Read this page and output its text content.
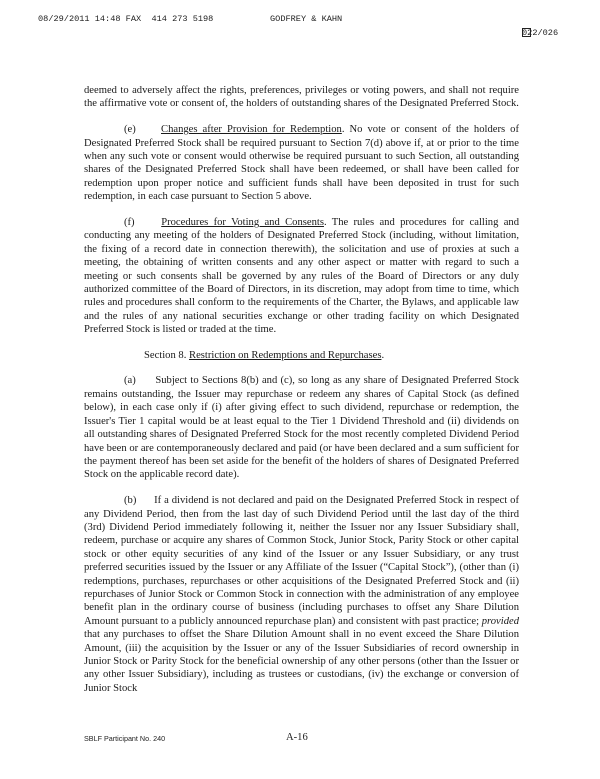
08/29/2011 14:48 FAX  414 273 5198	GODFREY & KAHN
022/026

deemed to adversely affect the rights, preferences, privileges or voting powers, and shall not require the affirmative vote or consent of, the holders of outstanding shares of the Designated Preferred Stock.

(e) Changes after Provision for Redemption. No vote or consent of the holders of Designated Preferred Stock shall be required pursuant to Section 7(d) above if, at or prior to the time when any such vote or consent would otherwise be required pursuant to such Section, all outstanding shares of the Designated Preferred Stock shall have been redeemed, or shall have been called for redemption upon proper notice and sufficient funds shall have been deposited in trust for such redemption, in each case pursuant to Section 5 above.

(f)	Procedures for Voting and Consents. The rules and procedures for calling and conducting any meeting of the holders of Designated Preferred Stock (including, without limitation, the fixing of a record date in connection therewith), the solicitation and use of proxies at such a meeting, the obtaining of written consents and any other aspect or matter with regard to such a meeting or such consents shall be governed by any rules of the Board of Directors or any duly authorized committee of the Board of Directors, in its discretion, may adopt from time to time, which rules and procedures shall conform to the requirements of the Charter, the Bylaws, and applicable law and the rules of any national securities exchange or other trading facility on which Designated Preferred Stock is listed or traded at the time.

Section 8. Restriction on Redemptions and Repurchases.

(a) Subject to Sections 8(b) and (c), so long as any share of Designated Preferred Stock remains outstanding, the Issuer may repurchase or redeem any shares of Capital Stock (as defined below), in each case only if (i) after giving effect to such dividend, repurchase or redemption, the Issuer's Tier 1 capital would be at least equal to the Tier 1 Dividend Threshold and (ii) dividends on all outstanding shares of Designated Preferred Stock for the most recently completed Dividend Period have been or are contemporaneously declared and paid (or have been declared and a sum sufficient for the payment thereof has been set aside for the benefit of the holders of shares of Designated Preferred Stock on the applicable record date).

(b) If a dividend is not declared and paid on the Designated Preferred Stock in respect of any Dividend Period, then from the last day of such Dividend Period until the last day of the third (3rd) Dividend Period immediately following it, neither the Issuer nor any Issuer Subsidiary shall, redeem, purchase or acquire any shares of Common Stock, Junior Stock, Parity Stock or other capital stock or other equity securities of any kind of the Issuer or any Issuer Subsidiary, or any trust preferred securities issued by the Issuer or any Affiliate of the Issuer (“Capital Stock”), (other than (i) redemptions, purchases, repurchases or other acquisitions of the Designated Preferred Stock and (ii) repurchases of Junior Stock or Common Stock in connection with the administration of any employee benefit plan in the ordinary course of business (including purchases to offset any Share Dilution Amount pursuant to a publicly announced repurchase plan) and consistent with past practice; provided that any purchases to offset the Share Dilution Amount shall in no event exceed the Share Dilution Amount, (iii) the acquisition by the Issuer or any of the Issuer Subsidiaries of record ownership in Junior Stock or Parity Stock for the beneficial ownership of any other persons (other than the Issuer or any other Issuer Subsidiary), including as trustees or custodians, (iv) the exchange or conversion of Junior Stock

SBLF Participant No. 240	A-16
